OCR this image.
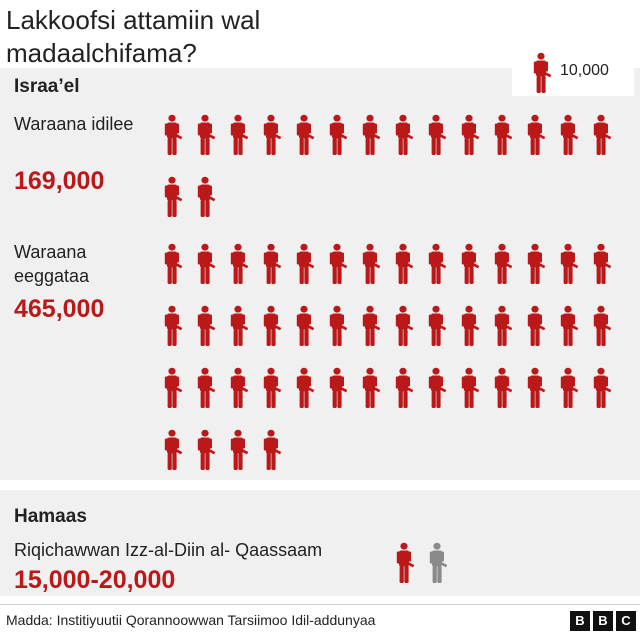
Lakkoofsi attamiin wal madaalchifama?
10,000
Israa’el
Waraana idilee
169,000
Waraana eeggataa
465,000
Hamaas
Riqichawwan Izz-al-Diin al- Qaassaam
15,000-20,000
Madda: Institiyuutii Qorannoowwan Tarsiimoo Idil-addunyaa	B	B	C
